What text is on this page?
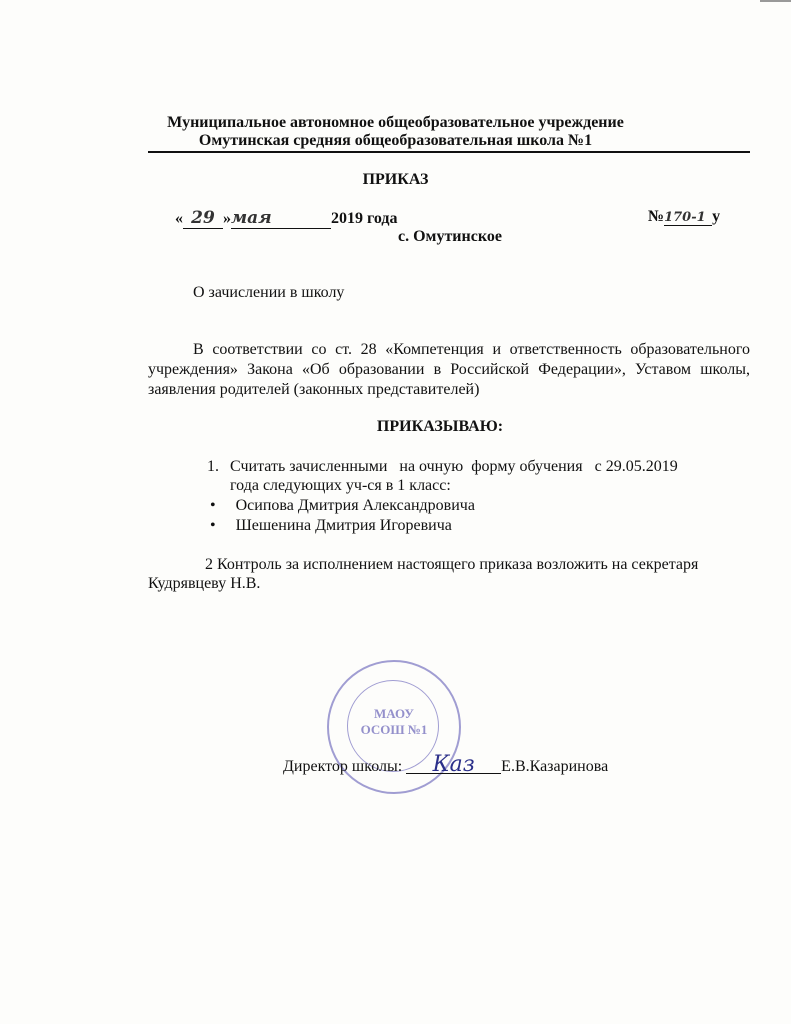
Муниципальное автономное общеобразовательное учреждение
Омутинская средняя общеобразовательная школа №1
ПРИКАЗ
« 29 »мая	2019 года	№170-1 у
с. Омутинское
О зачислении в школу
В соответствии со ст. 28 «Компетенция и ответственность образовательного учреждения» Закона «Об образовании в Российской Федерации», Уставом школы, заявления родителей (законных представителей)
ПРИКАЗЫВАЮ:
1. Считать зачисленными   на очную  форму обучения   с 29.05.2019
года следующих уч-ся в 1 класс:
•     Осипова Дмитрия Александровича
•     Шешенина Дмитрия Игоревича
2 Контроль за исполнением настоящего приказа возложить на секретаря
Кудрявцеву Н.В.
МАОУ
ОСОШ №1
Директор школы: Каз Е.В.Казаринова
